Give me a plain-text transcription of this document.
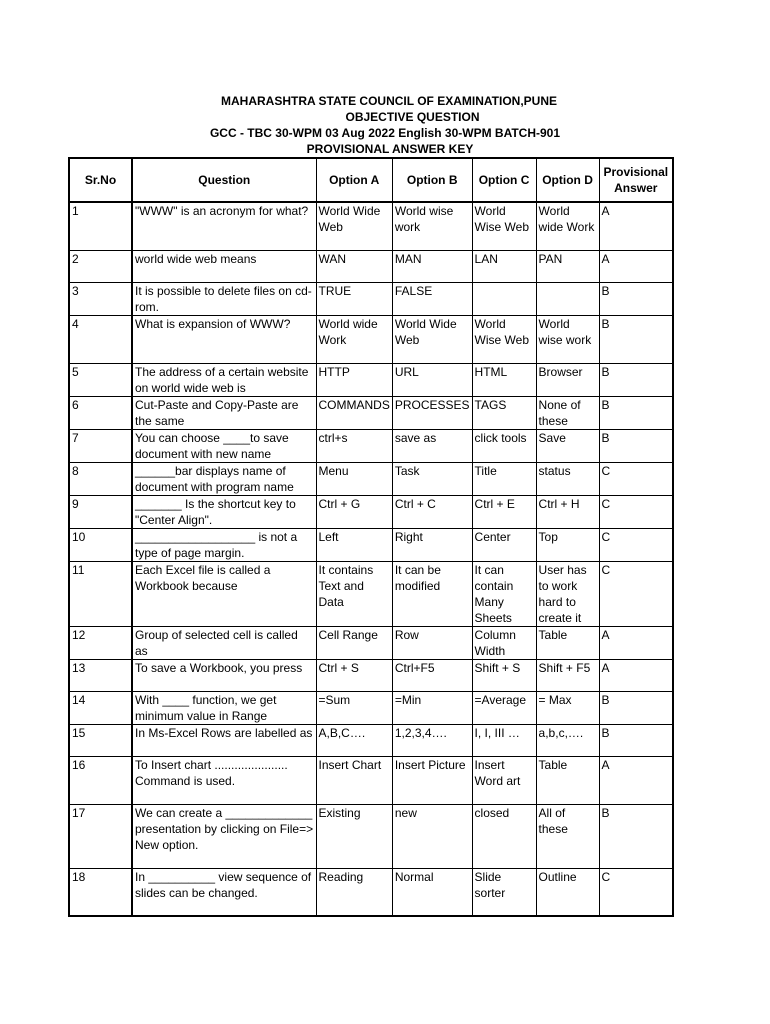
MAHARASHTRA STATE COUNCIL OF EXAMINATION,PUNE
OBJECTIVE QUESTION
GCC - TBC 30-WPM 03 Aug 2022 English 30-WPM BATCH-901
PROVISIONAL ANSWER KEY
Sr.No	Question	Option A	Option B	Option C	Option D	Provisional Answer
1	"WWW" is an acronym for what?	World Wide Web	World wise work	World Wise Web	World wide Work	A
2	world wide web means	WAN	MAN	LAN	PAN	A
3	It is possible to delete files on cd-rom.	TRUE	FALSE			B
4	What is expansion of WWW?	World wide Work	World Wide Web	World Wise Web	World wise work	B
5	The address of a certain website on world wide web is	HTTP	URL	HTML	Browser	B
6	Cut-Paste and Copy-Paste are the same	COMMANDS	PROCESSES	TAGS	None of these	B
7	You can choose ____to save document with new name	ctrl+s	save as	click tools	Save	B
8	______bar displays name of document with program name	Menu	Task	Title	status	C
9	_______ Is the shortcut key to "Center Align".	Ctrl + G	Ctrl + C	Ctrl + E	Ctrl + H	C
10	__________________ is not a type of page margin.	Left	Right	Center	Top	C
11	Each Excel file is called a Workbook because	It contains Text and Data	It can be modified	It can contain Many Sheets	User has to work hard to create it	C
12	Group of selected cell is called as	Cell Range	Row	Column Width	Table	A
13	To save a Workbook, you press	Ctrl + S	Ctrl+F5	Shift + S	Shift + F5	A
14	With ____ function, we get minimum value in Range	=Sum	=Min	=Average	= Max	B
15	In Ms-Excel Rows are labelled as	A,B,C….	1,2,3,4….	I, I, III …	a,b,c,….	B
16	To Insert chart ...................... Command is used.	Insert Chart	Insert Picture	Insert Word art	Table	A
17	We can create a _____________ presentation by clicking on File=> New option.	Existing	new	closed	All of these	B
18	In __________ view sequence of slides can be changed.	Reading	Normal	Slide sorter	Outline	C
